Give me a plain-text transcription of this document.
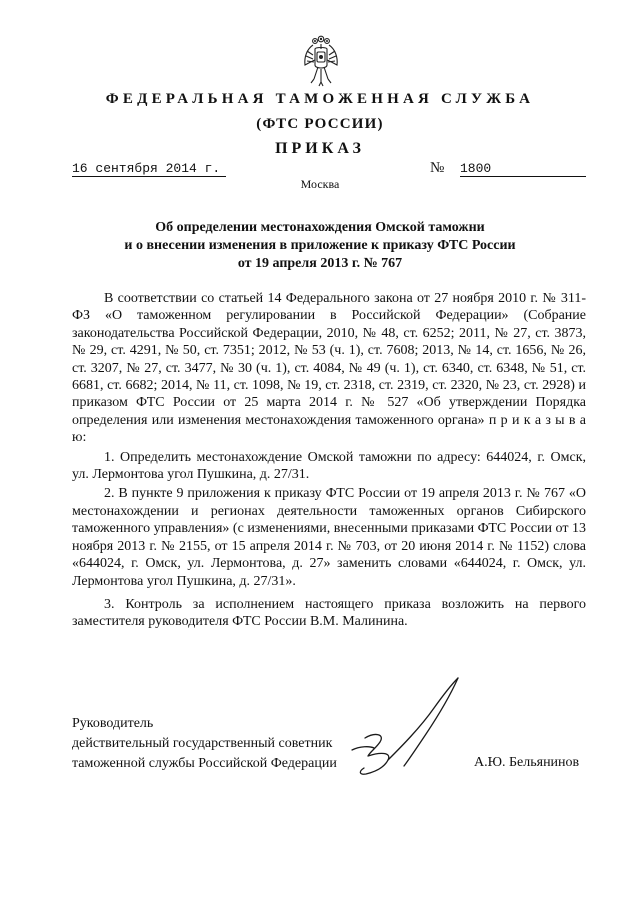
ФЕДЕРАЛЬНАЯ ТАМОЖЕННАЯ СЛУЖБА
(ФТС РОССИИ)
ПРИКАЗ
16 сентября 2014 г.	№ 1800
Москва
Об определении местонахождения Омской таможни
и о внесении изменения в приложение к приказу ФТС России
от 19 апреля 2013 г. № 767

В соответствии со статьей 14 Федерального закона от 27 ноября 2010 г. № 311-ФЗ «О таможенном регулировании в Российской Федерации» (Собрание законодательства Российской Федерации, 2010, № 48, ст. 6252; 2011, № 27, ст. 3873, № 29, ст. 4291, № 50, ст. 7351; 2012, № 53 (ч. 1), ст. 7608; 2013, № 14, ст. 1656, № 26, ст. 3207, № 27, ст. 3477, № 30 (ч. 1), ст. 4084, № 49 (ч. 1), ст. 6340, ст. 6348, № 51, ст. 6681, ст. 6682; 2014, № 11, ст. 1098, № 19, ст. 2318, ст. 2319, ст. 2320, № 23, ст. 2928) и приказом ФТС России от 25 марта 2014 г. № 527 «Об утверждении Порядка определения или изменения местонахождения таможенного органа» п р и к а з ы в а ю:

1. Определить местонахождение Омской таможни по адресу: 644024, г. Омск, ул. Лермонтова угол Пушкина, д. 27/31.

2. В пункте 9 приложения к приказу ФТС России от 19 апреля 2013 г. № 767 «О местонахождении и регионах деятельности таможенных органов Сибирского таможенного управления» (с изменениями, внесенными приказами ФТС России от 13 ноября 2013 г. № 2155, от 15 апреля 2014 г. № 703, от 20 июня 2014 г. № 1152) слова «644024, г. Омск, ул. Лермонтова, д. 27» заменить словами «644024, г. Омск, ул. Лермонтова угол Пушкина, д. 27/31».

3. Контроль за исполнением настоящего приказа возложить на первого заместителя руководителя ФТС России В.М. Малинина.

Руководитель
действительный государственный советник
таможенной службы Российской Федерации	А.Ю. Бельянинов
